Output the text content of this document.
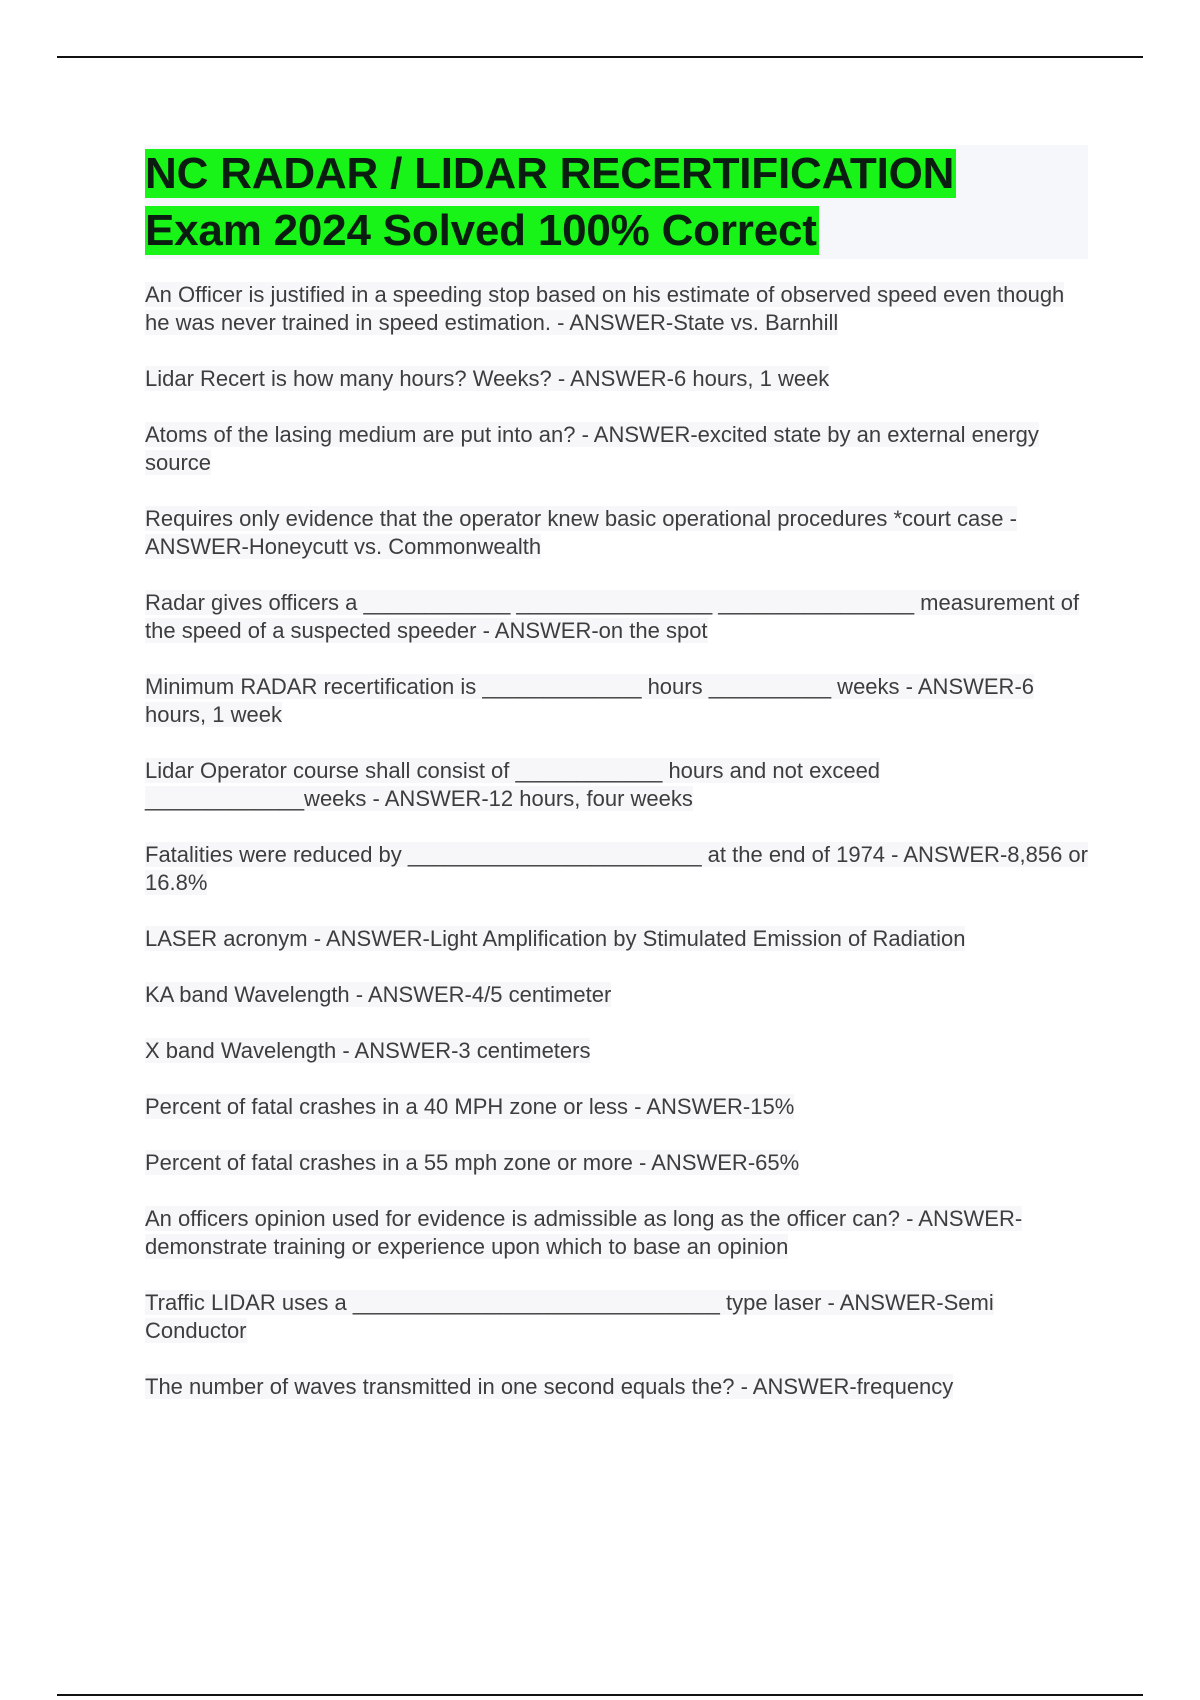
NC RADAR / LIDAR RECERTIFICATION
Exam 2024 Solved 100% Correct
An Officer is justified in a speeding stop based on his estimate of observed speed even though he was never trained in speed estimation. - ANSWER-State vs. Barnhill
Lidar Recert is how many hours? Weeks? - ANSWER-6 hours, 1 week
Atoms of the lasing medium are put into an? - ANSWER-excited state by an external energy source
Requires only evidence that the operator knew basic operational procedures *court case - ANSWER-Honeycutt vs. Commonwealth
Radar gives officers a ____________ ________________ ________________ measurement of the speed of a suspected speeder - ANSWER-on the spot
Minimum RADAR recertification is _____________ hours __________ weeks - ANSWER-6 hours, 1 week
Lidar Operator course shall consist of ____________ hours and not exceed _____________weeks - ANSWER-12 hours, four weeks
Fatalities were reduced by ________________________ at the end of 1974 - ANSWER-8,856 or 16.8%
LASER acronym - ANSWER-Light Amplification by Stimulated Emission of Radiation
KA band Wavelength - ANSWER-4/5 centimeter
X band Wavelength - ANSWER-3 centimeters
Percent of fatal crashes in a 40 MPH zone or less - ANSWER-15%
Percent of fatal crashes in a 55 mph zone or more - ANSWER-65%
An officers opinion used for evidence is admissible as long as the officer can? - ANSWER-demonstrate training or experience upon which to base an opinion
Traffic LIDAR uses a ______________________________ type laser - ANSWER-Semi Conductor
The number of waves transmitted in one second equals the? - ANSWER-frequency
